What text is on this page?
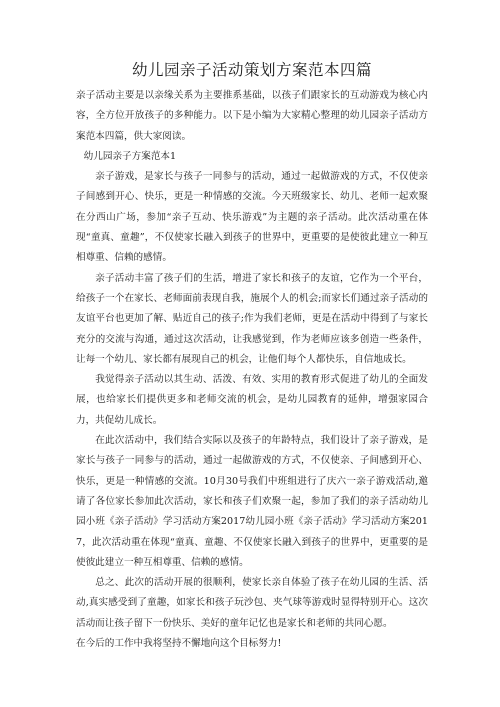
幼儿园亲子活动策划方案范本四篇

亲子活动主要是以亲缘关系为主要推系基础，以孩子们跟家长的互动游戏为核心内容，全方位开放孩子的多种能力。以下是小编为大家精心整理的幼儿园亲子活动方案范本四篇，供大家阅读。

幼儿园亲子方案范本1

亲子游戏，是家长与孩子一同参与的活动，通过一起做游戏的方式，不仅使亲子间感到开心、快乐，更是一种情感的交流。今天班级家长、幼儿、老师一起欢聚在分西山广场，参加“亲子互动、快乐游戏”为主题的亲子活动。此次活动重在体现“童真、童趣”，不仅使家长融入到孩子的世界中，更重要的是使彼此建立一种互相尊重、信赖的感情。

亲子活动丰富了孩子们的生活，增进了家长和孩子的友谊，它作为一个平台，给孩子一个在家长、老师面前表现自我，施展个人的机会;而家长们通过亲子活动的友谊平台也更加了解、贴近自己的孩子;作为我们老师，更是在活动中得到了与家长充分的交流与沟通，通过这次活动，让我感觉到，作为老师应该多创造一些条件，让每一个幼儿、家长都有展现自己的机会，让他们每个人都快乐，自信地成长。

我觉得亲子活动以其生动、活泼、有效、实用的教育形式促进了幼儿的全面发展，也给家长们提供更多和老师交流的机会，是幼儿园教育的延伸，增强家园合力，共促幼儿成长。

在此次活动中，我们结合实际以及孩子的年龄特点，我们设计了亲子游戏，是家长与孩子一同参与的活动，通过一起做游戏的方式，不仅使亲、子间感到开心、快乐，更是一种情感的交流。10月30号我们中班组进行了庆六一亲子游戏活动,邀请了各位家长参加此次活动，家长和孩子们欢聚一起，参加了我们的亲子活动幼儿园小班《亲子活动》学习活动方案2017幼儿园小班《亲子活动》学习活动方案2017，此次活动重在体现“童真、童趣、不仅使家长融入到孩子的世界中，更重要的是使彼此建立一种互相尊重、信赖的感情。

总之、此次的活动开展的很顺利，使家长亲自体验了孩子在幼儿园的生活、活动,真实感受到了童趣，如家长和孩子玩沙包、夹气球等游戏时显得特别开心。这次活动而让孩子留下一份快乐、美好的童年记忆也是家长和老师的共同心愿。

在今后的工作中我将坚持不懈地向这个目标努力!
